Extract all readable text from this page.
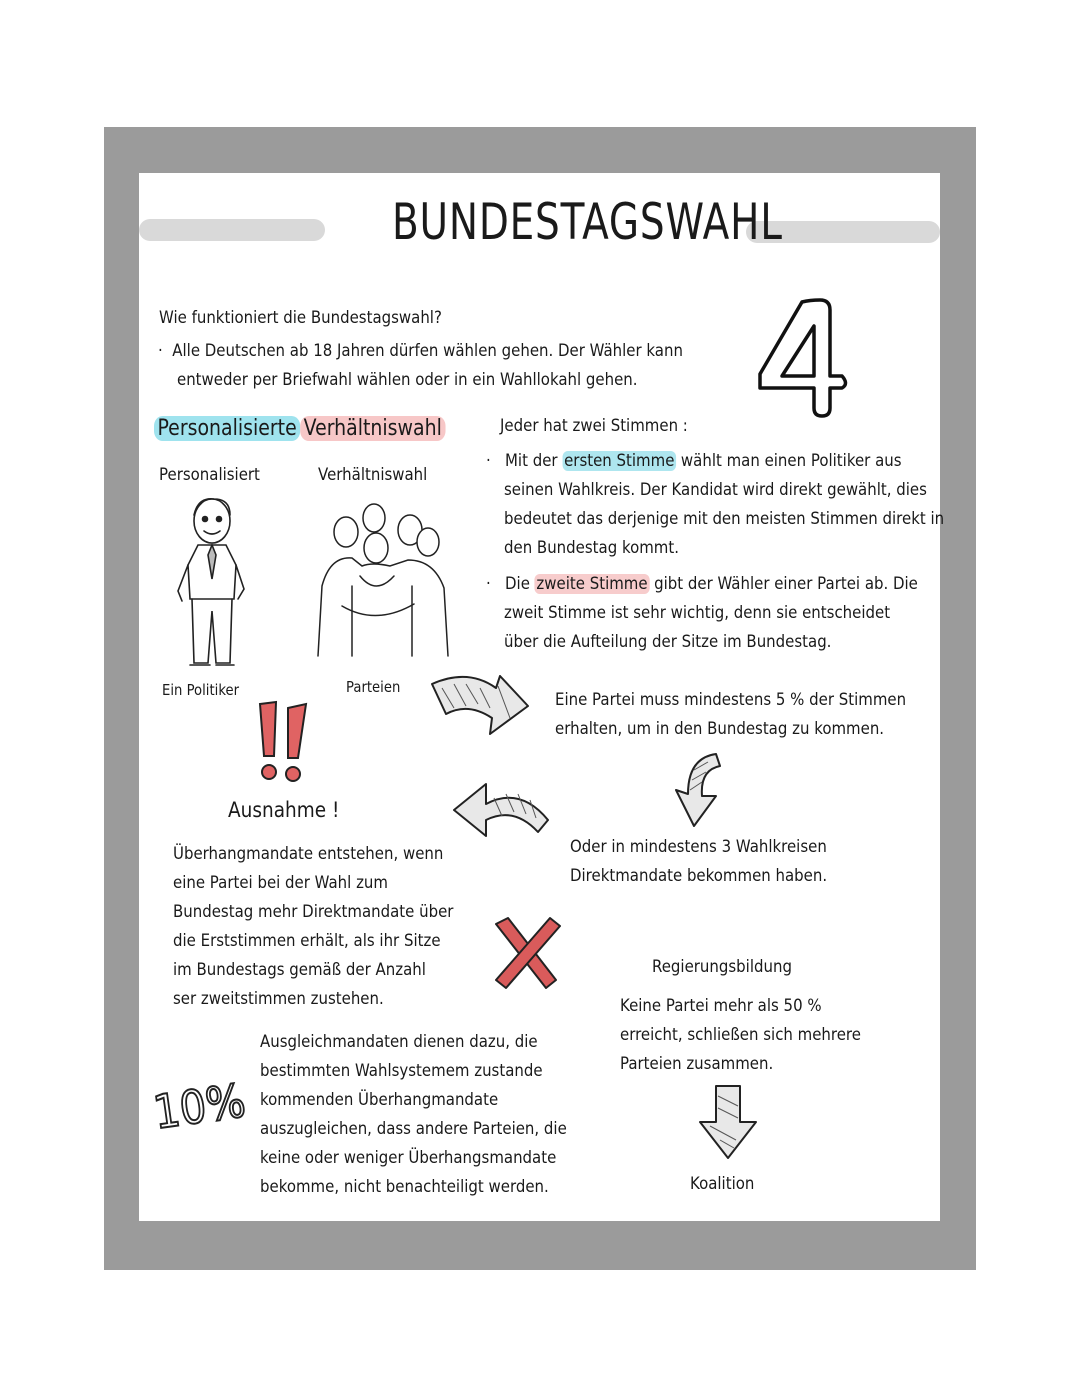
BUNDESTAGSWAHL
Wie funktioniert die Bundestagswahl?
· Alle Deutschen ab 18 Jahren dürfen wählen gehen. Der Wähler kann
entweder per Briefwahl wählen oder in ein Wahllokahl gehen.
Personalisierte Verhältniswahl
Personalisiert	Verhältniswahl
Ein Politiker	Parteien
Jeder hat zwei Stimmen :
· Mit der ersten Stimme wählt man einen Politiker aus
seinen Wahlkreis. Der Kandidat wird direkt gewählt, dies
bedeutet das derjenige mit den meisten Stimmen direkt in
den Bundestag kommt.
· Die zweite Stimme gibt der Wähler einer Partei ab. Die
zweit Stimme ist sehr wichtig, denn sie entscheidet
über die Aufteilung der Sitze im Bundestag.
Eine Partei muss mindestens 5 % der Stimmen
erhalten, um in den Bundestag zu kommen.
Ausnahme !
Überhangmandate entstehen, wenn
eine Partei bei der Wahl zum
Bundestag mehr Direktmandate über
die Erststimmen erhält, als ihr Sitze
im Bundestags gemäß der Anzahl
ser zweitstimmen zustehen.
Oder in mindestens 3 Wahlkreisen
Direktmandate bekommen haben.
Regierungsbildung
Keine Partei mehr als 50 %
erreicht, schließen sich mehrere
Parteien zusammen.
Koalition
10%
Ausgleichmandaten dienen dazu, die
bestimmten Wahlsystemem zustande
kommenden Überhangmandate
auszugleichen, dass andere Parteien, die
keine oder weniger Überhangsmandate
bekomme, nicht benachteiligt werden.
